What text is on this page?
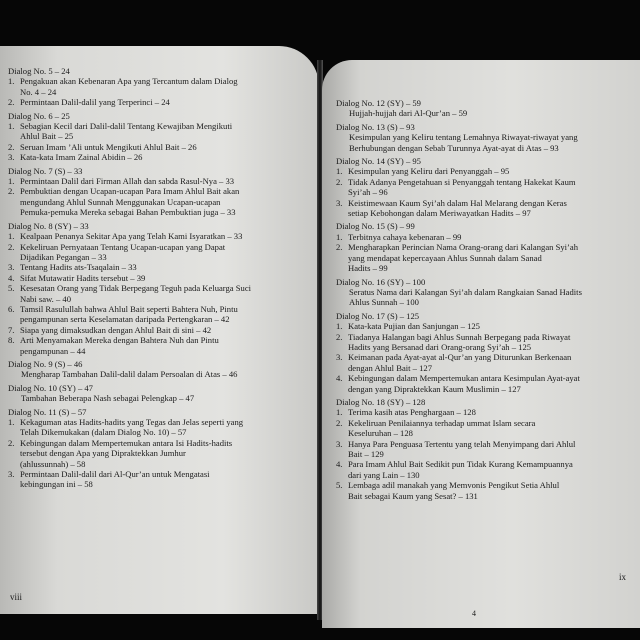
Dialog No. 5 – 24
1. Pengakuan akan Kebenaran Apa yang Tercantum dalam Dialog
No. 4 – 24
2. Permintaan Dalil-dalil yang Terperinci – 24
Dialog No. 6 – 25
1. Sebagian Kecil dari Dalil-dalil Tentang Kewajiban Mengikuti
Ahlul Bait – 25
2. Seruan Imam ’Ali untuk Mengikuti Ahlul Bait – 26
3. Kata-kata Imam Zainal Abidin – 26
Dialog No. 7 (S) – 33
1. Permintaan Dalil dari Firman Allah dan sabda Rasul-Nya – 33
2. Pembuktian dengan Ucapan-ucapan Para Imam Ahlul Bait akan
mengundang Ahlul Sunnah Menggunakan Ucapan-ucapan
Pemuka-pemuka Mereka sebagai Bahan Pembuktian juga – 33
Dialog No. 8 (SY) – 33
1. Kealpaan Penanya Sekitar Apa yang Telah Kami Isyaratkan – 33
2. Kekeliruan Pernyataan Tentang Ucapan-ucapan yang Dapat
Dijadikan Pegangan – 33
3. Tentang Hadits ats-Tsaqalain – 33
4. Sifat Mutawatir Hadits tersebut – 39
5. Kesesatan Orang yang Tidak Berpegang Teguh pada Keluarga Suci
Nabi saw. – 40
6. Tamsil Rasulullah bahwa Ahlul Bait seperti Bahtera Nuh, Pintu
pengampunan serta Keselamatan daripada Pertengkaran – 42
7. Siapa yang dimaksudkan dengan Ahlul Bait di sini – 42
8. Arti Menyamakan Mereka dengan Bahtera Nuh dan Pintu
pengampunan – 44
Dialog No. 9 (S) – 46
Mengharap Tambahan Dalil-dalil dalam Persoalan di Atas – 46
Dialog No. 10 (SY) – 47
Tambahan Beberapa Nash sebagai Pelengkap – 47
Dialog No. 11 (S) – 57
1. Kekaguman atas Hadits-hadits yang Tegas dan Jelas seperti yang
Telah Dikemukakan (dalam Dialog No. 10) – 57
2. Kebingungan dalam Mempertemukan antara Isi Hadits-hadits
tersebut dengan Apa yang Dipraktekkan Jumhur
(ahlussunnah) – 58
3. Permintaan Dalil-dalil dari Al-Qur’an untuk Mengatasi
kebingungan ini – 58
viii
Dialog No. 12 (SY) – 59
Hujjah-hujjah dari Al-Qur’an – 59
Dialog No. 13 (S) – 93
Kesimpulan yang Keliru tentang Lemahnya Riwayat-riwayat yang
Berhubungan dengan Sebab Turunnya Ayat-ayat di Atas – 93
Dialog No. 14 (SY) – 95
1. Kesimpulan yang Keliru dari Penyanggah – 95
2. Tidak Adanya Pengetahuan si Penyanggah tentang Hakekat Kaum
Syi’ah – 96
3. Keistimewaan Kaum Syi’ah dalam Hal Melarang dengan Keras
setiap Kebohongan dalam Meriwayatkan Hadits – 97
Dialog No. 15 (S) – 99
1. Terbitnya cahaya kebenaran – 99
2. Mengharapkan Perincian Nama Orang-orang dari Kalangan Syi’ah
yang mendapat kepercayaan Ahlus Sunnah dalam Sanad
Hadits – 99
Dialog No. 16 (SY) – 100
Seratus Nama dari Kalangan Syi’ah dalam Rangkaian Sanad Hadits
Ahlus Sunnah – 100
Dialog No. 17 (S) – 125
1. Kata-kata Pujian dan Sanjungan – 125
2. Tiadanya Halangan bagi Ahlus Sunnah Berpegang pada Riwayat
Hadits yang Bersanad dari Orang-orang Syi’ah – 125
3. Keimanan pada Ayat-ayat al-Qur’an yang Diturunkan Berkenaan
dengan Ahlul Bait – 127
4. Kebingungan dalam Mempertemukan antara Kesimpulan Ayat-ayat
dengan yang Dipraktekkan Kaum Muslimin – 127
Dialog No. 18 (SY) – 128
1. Terima kasih atas Penghargaan – 128
2. Kekeliruan Penilaiannya terhadap ummat Islam secara
Keseluruhan – 128
3. Hanya Para Penguasa Tertentu yang telah Menyimpang dari Ahlul
Bait – 129
4. Para Imam Ahlul Bait Sedikit pun Tidak Kurang Kemampuannya
dari yang Lain – 130
5. Lembaga adil manakah yang Memvonis Pengikut Setia Ahlul
Bait sebagai Kaum yang Sesat? – 131
4
ix
